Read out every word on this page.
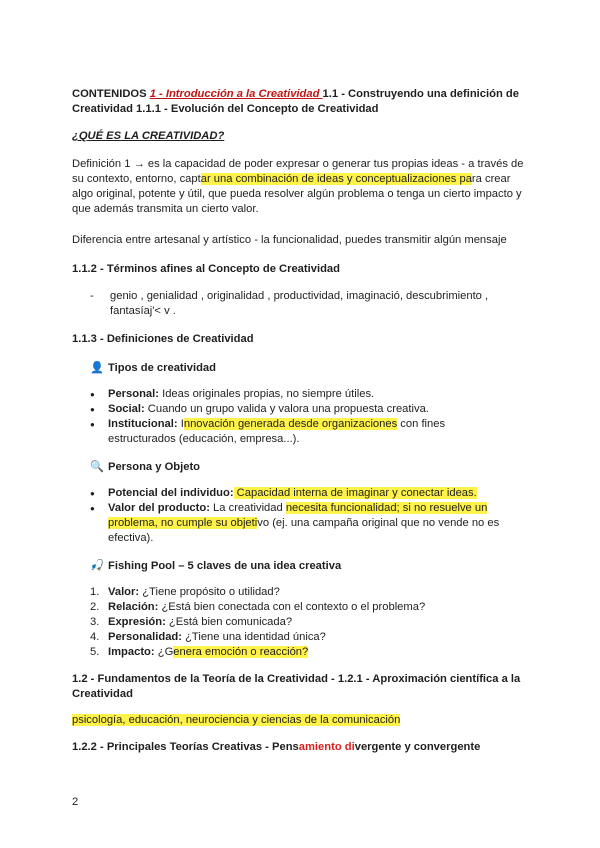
CONTENIDOS 1 - Introducción a la Creatividad 1.1 - Construyendo una definición de
Creatividad 1.1.1 - Evolución del Concepto de Creatividad
¿QUÉ ES LA CREATIVIDAD?
Definición 1 → es la capacidad de poder expresar o generar tus propias ideas - a través de su contexto, entorno, captar una combinación de ideas y conceptualizaciones para crear algo original, potente y útil, que pueda resolver algún problema o tenga un cierto impacto y que además transmita un cierto valor.
Diferencia entre artesanal y artístico - la funcionalidad, puedes transmitir algún mensaje
1.1.2 - Términos afines al Concepto de Creatividad
- genio , genialidad , originalidad , productividad, imaginació, descubrimiento , fantasíaj'< v .
1.1.3 - Definiciones de Creatividad
👤 Tipos de creatividad
● Personal: Ideas originales propias, no siempre útiles.
● Social: Cuando un grupo valida y valora una propuesta creativa.
● Institucional: Innovación generada desde organizaciones con fines estructurados (educación, empresa...).
🔍 Persona y Objeto
● Potencial del individuo: Capacidad interna de imaginar y conectar ideas.
● Valor del producto: La creatividad necesita funcionalidad; si no resuelve un problema, no cumple su objetivo (ej. una campaña original que no vende no es efectiva).
🎣 Fishing Pool – 5 claves de una idea creativa
1. Valor: ¿Tiene propósito o utilidad?
2. Relación: ¿Está bien conectada con el contexto o el problema?
3. Expresión: ¿Está bien comunicada?
4. Personalidad: ¿Tiene una identidad única?
5. Impacto: ¿Genera emoción o reacción?
1.2 - Fundamentos de la Teoría de la Creatividad - 1.2.1 - Aproximación científica a la
Creatividad
psicología, educación, neurociencia y ciencias de la comunicación
1.2.2 - Principales Teorías Creativas - Pensamiento divergente y convergente
2
